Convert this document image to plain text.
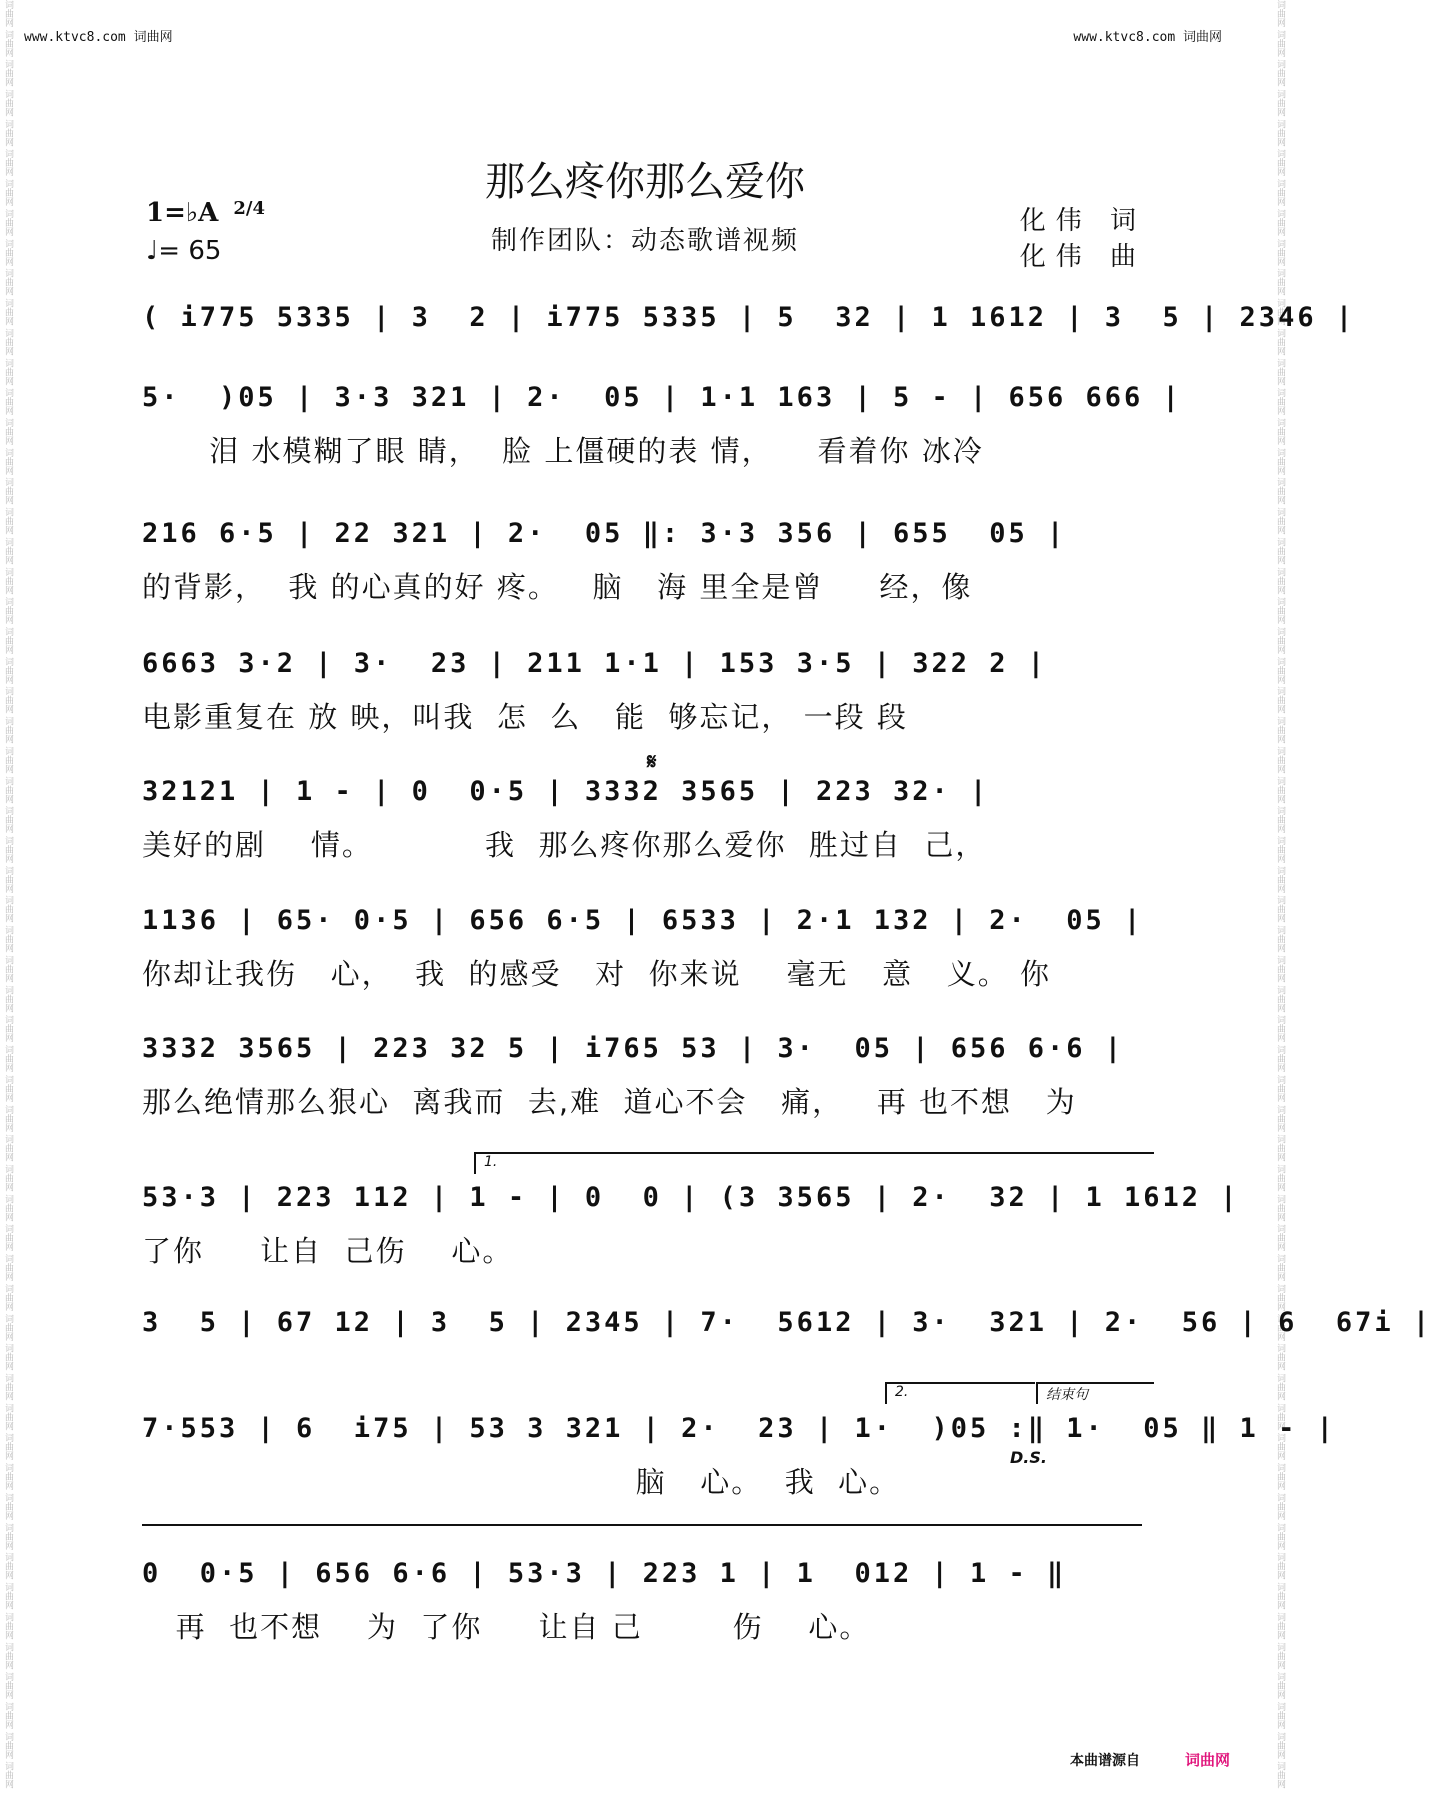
www.ktvc8.com 词曲网	www.ktvc8.com 词曲网
词曲网 词曲网 词曲网 词曲网 词曲网 词曲网 词曲网 词曲网 词曲网 词曲网 词曲网 词曲网 词曲网 词曲网 词曲网 词曲网 词曲网 词曲网 词曲网 词曲网 词曲网 词曲网 词曲网 词曲网 词曲网 词曲网 词曲网 词曲网 词曲网 词曲网 词曲网 词曲网 词曲网 词曲网 词曲网 词曲网 词曲网 词曲网 词曲网 词曲网 词曲网 词曲网 词曲网 词曲网 词曲网 词曲网 词曲网 词曲网 词曲网 词曲网 词曲网 词曲网 词曲网 词曲网 词曲网 词曲网 词曲网 词曲网 词曲网 词曲网	词曲网 词曲网 词曲网 词曲网 词曲网 词曲网 词曲网 词曲网 词曲网 词曲网 词曲网 词曲网 词曲网 词曲网 词曲网 词曲网 词曲网 词曲网 词曲网 词曲网 词曲网 词曲网 词曲网 词曲网 词曲网 词曲网 词曲网 词曲网 词曲网 词曲网 词曲网 词曲网 词曲网 词曲网 词曲网 词曲网 词曲网 词曲网 词曲网 词曲网 词曲网 词曲网 词曲网 词曲网 词曲网 词曲网 词曲网 词曲网 词曲网 词曲网 词曲网 词曲网 词曲网 词曲网 词曲网 词曲网 词曲网 词曲网 词曲网 词曲网
那么疼你那么爱你
1=♭A $^{2/4}$
♩= 65	制作团队：动态歌谱视频
化伟 词
化伟 曲
( i775 5335 | 3  2 | i775 5335 | 5  32 | 1 1612 | 3  5 | 2346 |
5·  )05 | 3·3 321 | 2·  05 | 1·1 163 | 5 - | 656 666 |
泪 水模糊了眼 睛，  脸 上僵硬的表 情，    看着你 冰冷
216 6·5 | 22 321 | 2·  05 ‖: 3·3 356 | 655  05 |
的背影，  我 的心真的好 疼。   脑   海 里全是曾     经，像
6663 3·2 | 3·  23 | 211 1·1 | 153 3·5 | 322 2 |
电影重复在 放 映，叫我  怎  么   能  够忘记， 一段 段
32121 | 1 - | 0  0·5 | 3332 3565 | 223 32· |
美好的剧    情。          我  那么疼你那么爱你  胜过自  己，
1136 | 65· 0·5 | 656 6·5 | 6533 | 2·1 132 | 2·  05 |
你却让我伤   心，  我  的感受   对  你来说    毫无   意   义。 你
3332 3565 | 223 32 5 | i765 53 | 3·  05 | 656 6·6 |
那么绝情那么狠心  离我而  去,难  道心不会   痛，   再 也不想   为
53·3 | 223 112 | 1 - | 0  0 | (3 3565 | 2·  32 | 1 1612 |
了你     让自  己伤    心。
3  5 | 67 12 | 3  5 | 2345 | 7·  5612 | 3·  321 | 2·  56 | 6  67i |
7·553 | 6  i75 | 53 3 321 | 2·  23 | 1·  )05 :‖ 1·  05 ‖ 1 - |
脑   心。  我  心。
0  0·5 | 656 6·6 | 53·3 | 223 1 | 1  012 | 1 - ‖
再  也不想    为  了你     让自 己        伤    心。
𝄋
1.
2.	结束句
D.S.
本曲谱源自	词曲网
